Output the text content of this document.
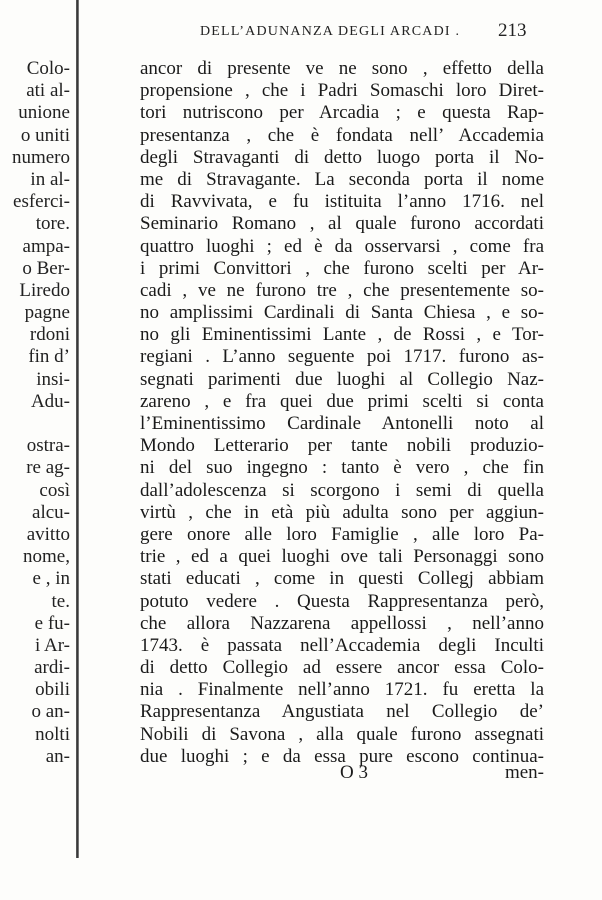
Colo-
ati al-
unione
o uniti
numero
in al-
esferci-
tore.
ampa-
o Ber-
Liredo
pagne
rdoni
fin d’
insi-
Adu-
ostra-
re ag-
così
alcu-
avitto
nome,
e , in
te.
e fu-
i Ar-
ardi-
obili
o an-
nolti
an-
DELL’ADUNANZA DEGLI ARCADI . 213
ancor di presente ve ne sono , effetto della
propensione , che i Padri Somaschi loro Diret-
tori nutriscono per Arcadia ; e questa Rap-
presentanza , che è fondata nell’ Accademia
degli Stravaganti di detto luogo porta il No-
me di Stravagante. La seconda porta il nome
di Ravvivata, e fu istituita l’anno 1716. nel
Seminario Romano , al quale furono accordati
quattro luoghi ; ed è da osservarsi , come fra
i primi Convittori , che furono scelti per Ar-
cadi , ve ne furono tre , che presentemente so-
no amplissimi Cardinali di Santa Chiesa , e so-
no gli Eminentissimi Lante , de Rossi , e Tor-
regiani . L’anno seguente poi 1717. furono as-
segnati parimenti due luoghi al Collegio Naz-
zareno , e fra quei due primi scelti si conta
l’Eminentissimo Cardinale Antonelli noto al
Mondo Letterario per tante nobili produzio-
ni del suo ingegno : tanto è vero , che fin
dall’adolescenza si scorgono i semi di quella
virtù , che in età più adulta sono per aggiun-
gere onore alle loro Famiglie , alle loro Pa-
trie , ed a quei luoghi ove tali Personaggi sono
stati educati , come in questi Collegj abbiam
potuto vedere . Questa Rappresentanza però,
che allora Nazzarena appellossi , nell’anno
1743. è passata nell’Accademia degli Inculti
di detto Collegio ad essere ancor essa Colo-
nia . Finalmente nell’anno 1721. fu eretta la
Rappresentanza Angustiata nel Collegio de’
Nobili di Savona , alla quale furono assegnati
due luoghi ; e da essa pure escono continua-
O 3	men-
